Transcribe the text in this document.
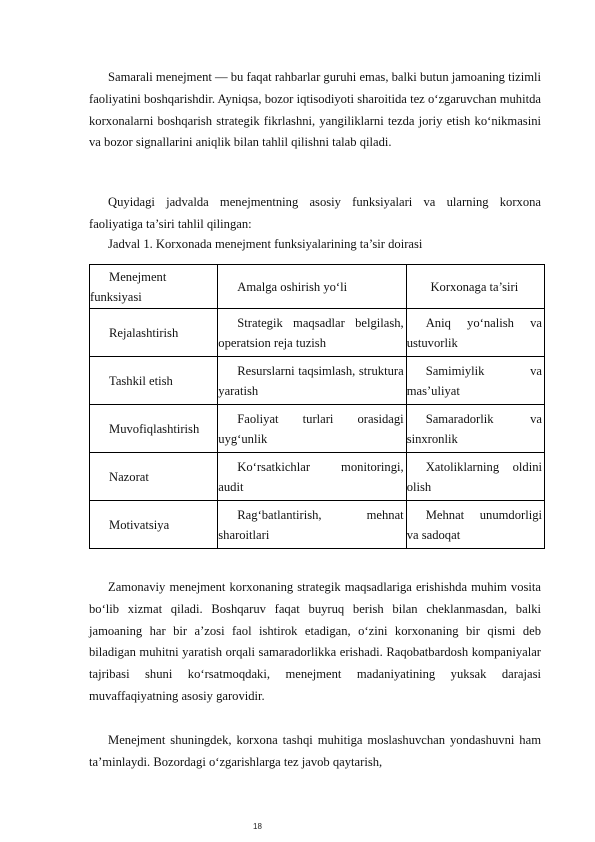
Samarali menejment — bu faqat rahbarlar guruhi emas, balki butun jamoaning tizimli faoliyatini boshqarishdir. Ayniqsa, bozor iqtisodiyoti sharoitida tez o‘zgaruvchan muhitda korxonalarni boshqarish strategik fikrlashni, yangiliklarni tezda joriy etish ko‘nikmasini va bozor signallarini aniqlik bilan tahlil qilishni talab qiladi.

Quyidagi jadvalda menejmentning asosiy funksiyalari va ularning korxona faoliyatiga ta’siri tahlil qilingan:

Jadval 1. Korxonada menejment funksiyalarining ta’sir doirasi

Menejment funksiyasi	Amalga oshirish yo‘li	Korxonaga ta’siri

Rejalashtirish	Strategik maqsadlar belgilash, operatsion reja tuzish	Aniq yo‘nalish va ustuvorlik

Tashkil etish	Resurslarni taqsimlash, struktura yaratish	Samimiylik va mas’uliyat

Muvofiqlashtirish	Faoliyat turlari orasidagi uyg‘unlik	Samaradorlik va sinxronlik

Nazorat	Ko‘rsatkichlar monitoringi, audit	Xatoliklarning oldini olish

Motivatsiya	Rag‘batlantirish, mehnat sharoitlari	Mehnat unumdorligi va sadoqat

Zamonaviy menejment korxonaning strategik maqsadlariga erishishda muhim vosita bo‘lib xizmat qiladi. Boshqaruv faqat buyruq berish bilan cheklanmasdan, balki jamoaning har bir a’zosi faol ishtirok etadigan, o‘zini korxonaning bir qismi deb biladigan muhitni yaratish orqali samaradorlikka erishadi. Raqobatbardosh kompaniyalar tajribasi shuni ko‘rsatmoqdaki, menejment madaniyatining yuksak darajasi muvaffaqiyatning asosiy garovidir.

Menejment shuningdek, korxona tashqi muhitiga moslashuvchan yondashuvni ham ta’minlaydi. Bozordagi o‘zgarishlarga tez javob qaytarish,

18
